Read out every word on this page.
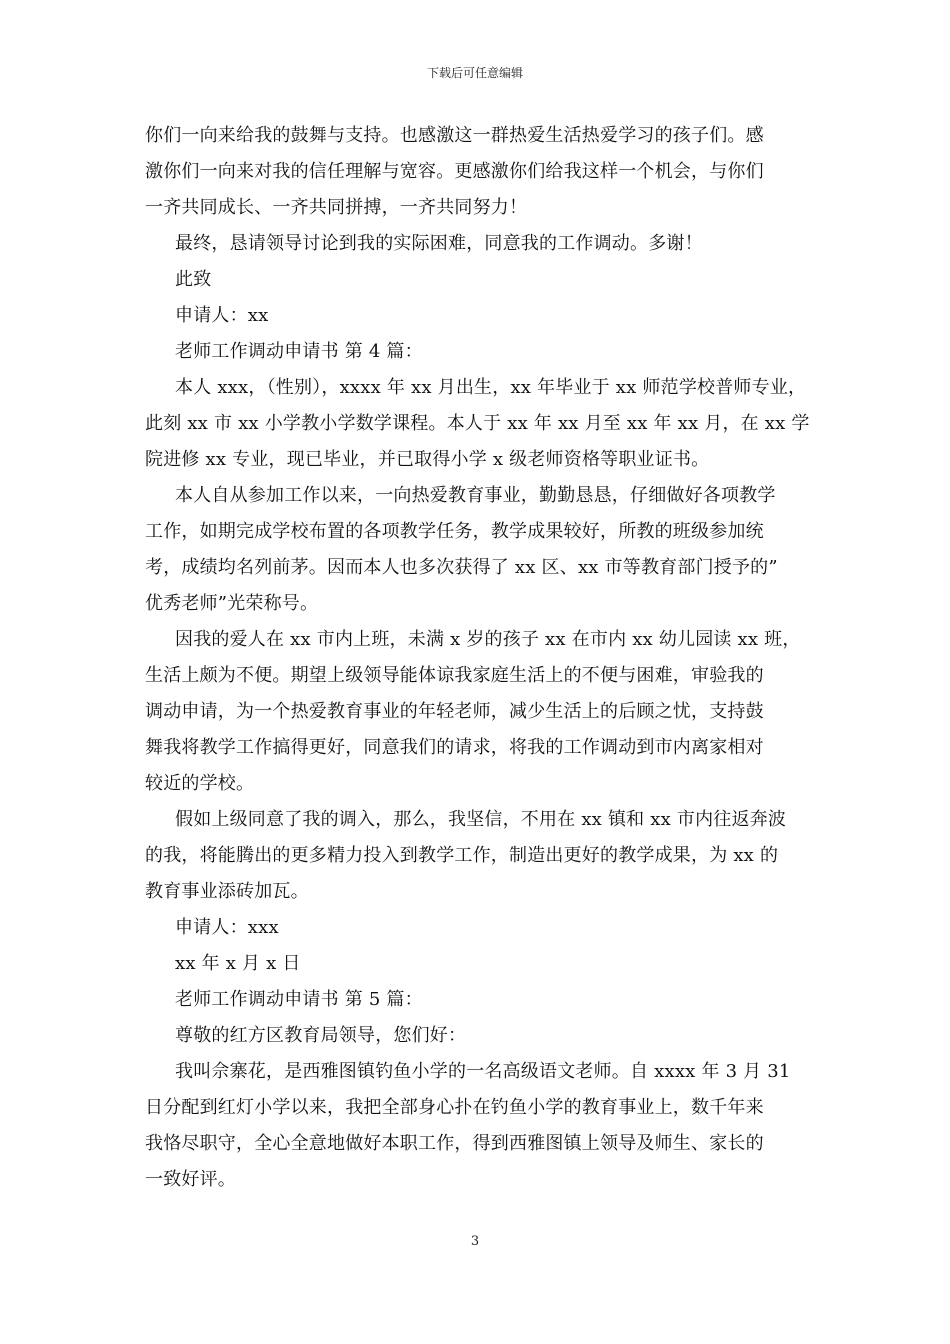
下载后可任意编辑
你们一向来给我的鼓舞与支持。也感激这一群热爱生活热爱学习的孩子们。感
激你们一向来对我的信任理解与宽容。更感激你们给我这样一个机会，与你们
一齐共同成长、一齐共同拼搏，一齐共同努力！
最终，恳请领导讨论到我的实际困难，同意我的工作调动。多谢！
此致
申请人：xx
老师工作调动申请书 第 4 篇：
本人 xxx，（性别），xxxx 年 xx 月出生，xx 年毕业于 xx 师范学校普师专业，
此刻 xx 市 xx 小学教小学数学课程。本人于 xx 年 xx 月至 xx 年 xx 月，在 xx 学
院进修 xx 专业，现已毕业，并已取得小学 x 级老师资格等职业证书。
本人自从参加工作以来，一向热爱教育事业，勤勤恳恳，仔细做好各项教学
工作，如期完成学校布置的各项教学任务，教学成果较好，所教的班级参加统
考，成绩均名列前茅。因而本人也多次获得了 xx 区、xx 市等教育部门授予的”
优秀老师”光荣称号。
因我的爱人在 xx 市内上班，未满 x 岁的孩子 xx 在市内 xx 幼儿园读 xx 班，
生活上颇为不便。期望上级领导能体谅我家庭生活上的不便与困难，审验我的
调动申请，为一个热爱教育事业的年轻老师，减少生活上的后顾之忧，支持鼓
舞我将教学工作搞得更好，同意我们的请求，将我的工作调动到市内离家相对
较近的学校。
假如上级同意了我的调入，那么，我坚信，不用在 xx 镇和 xx 市内往返奔波
的我，将能腾出的更多精力投入到教学工作，制造出更好的教学成果，为 xx 的
教育事业添砖加瓦。
申请人：xxx
xx 年 x 月 x 日
老师工作调动申请书 第 5 篇：
尊敬的红方区教育局领导，您们好：
我叫佘寨花，是西雅图镇钓鱼小学的一名高级语文老师。自 xxxx 年 3 月 31
日分配到红灯小学以来，我把全部身心扑在钓鱼小学的教育事业上，数千年来
我恪尽职守，全心全意地做好本职工作，得到西雅图镇上领导及师生、家长的
一致好评。
3
